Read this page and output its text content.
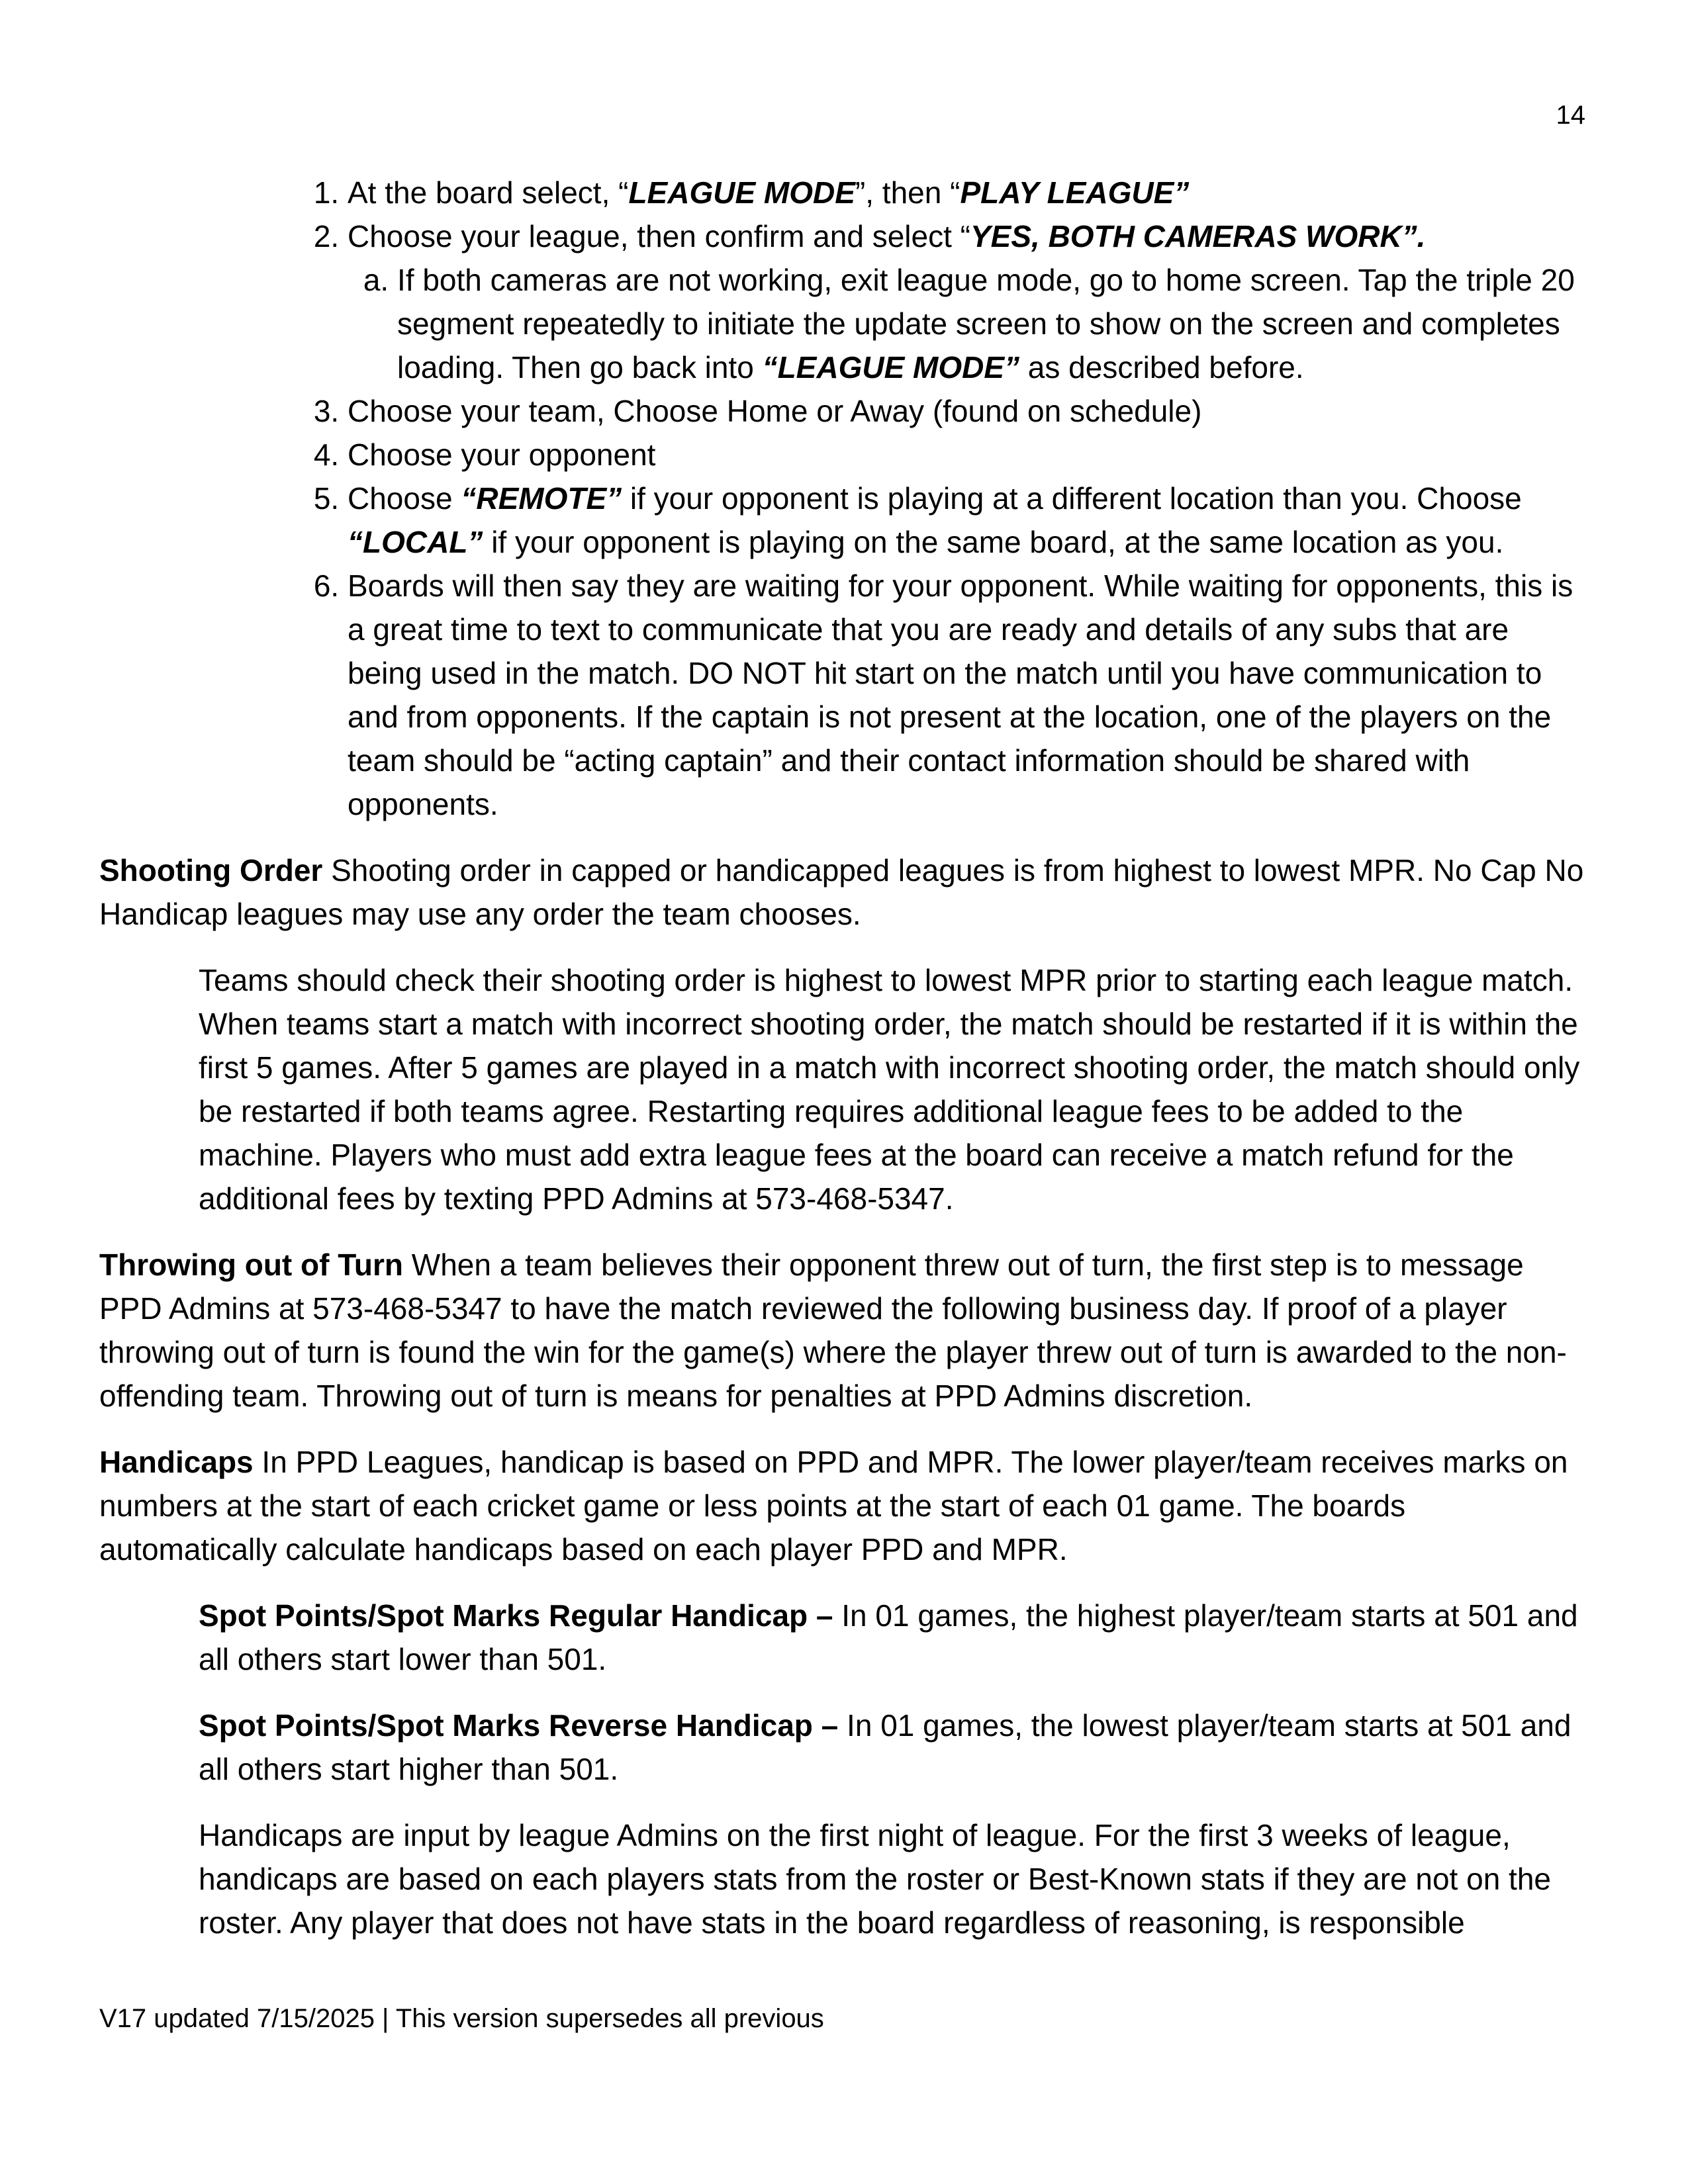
14
1. At the board select, “LEAGUE MODE”, then “PLAY LEAGUE”
2. Choose your league, then confirm and select “YES, BOTH CAMERAS WORK”.
a. If both cameras are not working, exit league mode, go to home screen. Tap the triple 20 segment repeatedly to initiate the update screen to show on the screen and completes loading. Then go back into “LEAGUE MODE” as described before.
3. Choose your team, Choose Home or Away (found on schedule)
4. Choose your opponent
5. Choose “REMOTE” if your opponent is playing at a different location than you. Choose “LOCAL” if your opponent is playing on the same board, at the same location as you.
6. Boards will then say they are waiting for your opponent. While waiting for opponents, this is a great time to text to communicate that you are ready and details of any subs that are being used in the match. DO NOT hit start on the match until you have communication to and from opponents. If the captain is not present at the location, one of the players on the team should be “acting captain” and their contact information should be shared with opponents.

Shooting Order Shooting order in capped or handicapped leagues is from highest to lowest MPR. No Cap No Handicap leagues may use any order the team chooses.

Teams should check their shooting order is highest to lowest MPR prior to starting each league match. When teams start a match with incorrect shooting order, the match should be restarted if it is within the first 5 games. After 5 games are played in a match with incorrect shooting order, the match should only be restarted if both teams agree. Restarting requires additional league fees to be added to the machine. Players who must add extra league fees at the board can receive a match refund for the additional fees by texting PPD Admins at 573-468-5347.

Throwing out of Turn When a team believes their opponent threw out of turn, the first step is to message PPD Admins at 573-468-5347 to have the match reviewed the following business day. If proof of a player throwing out of turn is found the win for the game(s) where the player threw out of turn is awarded to the non-offending team. Throwing out of turn is means for penalties at PPD Admins discretion.

Handicaps In PPD Leagues, handicap is based on PPD and MPR. The lower player/team receives marks on numbers at the start of each cricket game or less points at the start of each 01 game. The boards automatically calculate handicaps based on each player PPD and MPR.

Spot Points/Spot Marks Regular Handicap – In 01 games, the highest player/team starts at 501 and all others start lower than 501.

Spot Points/Spot Marks Reverse Handicap – In 01 games, the lowest player/team starts at 501 and all others start higher than 501.

Handicaps are input by league Admins on the first night of league. For the first 3 weeks of league, handicaps are based on each players stats from the roster or Best-Known stats if they are not on the roster. Any player that does not have stats in the board regardless of reasoning, is responsible

V17 updated 7/15/2025 | This version supersedes all previous
